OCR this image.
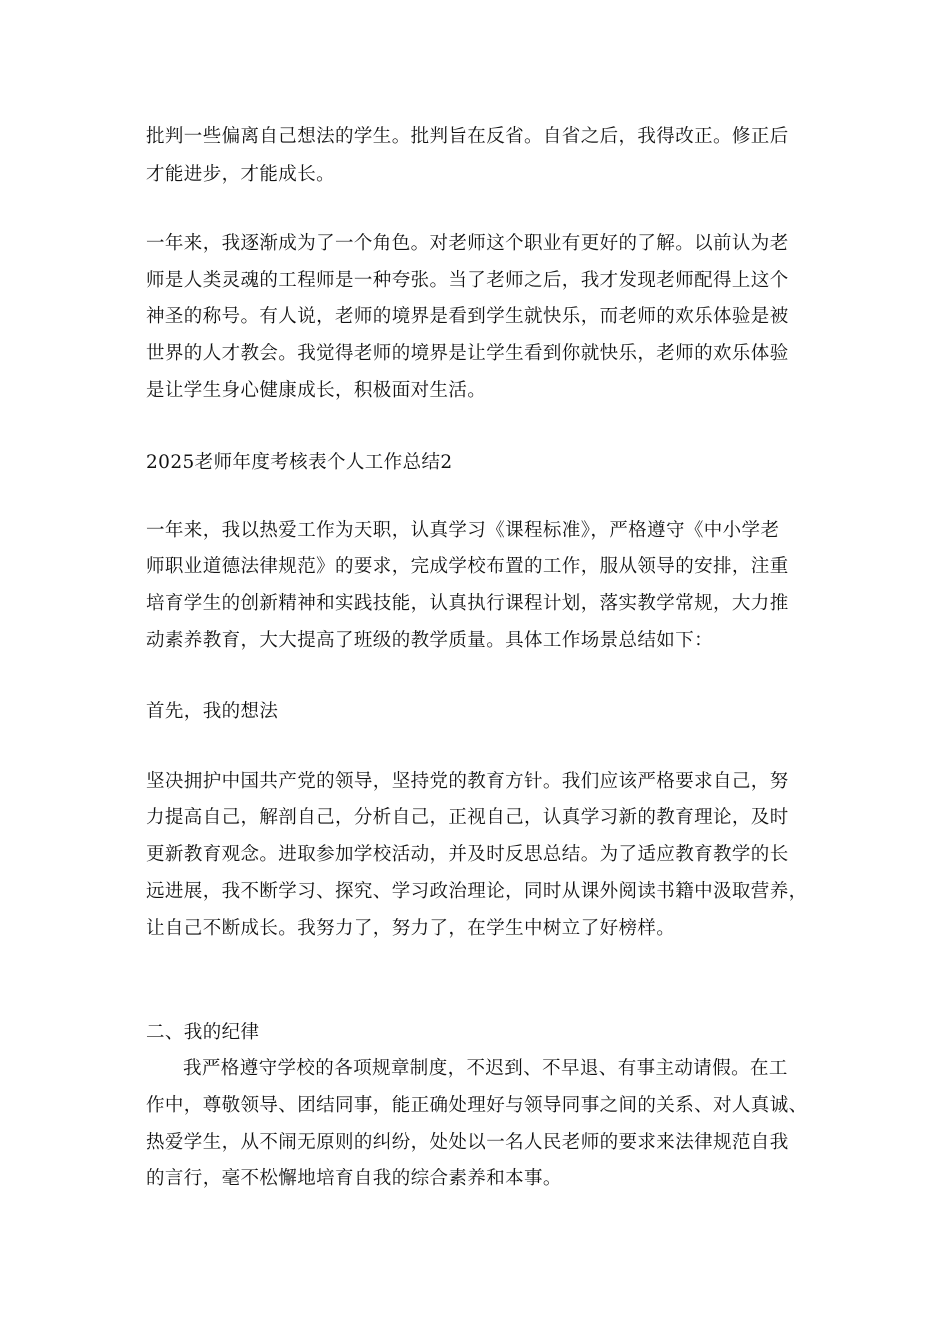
批判一些偏离自己想法的学生。批判旨在反省。自省之后，我得改正。修正后
才能进步，才能成长。
一年来，我逐渐成为了一个角色。对老师这个职业有更好的了解。以前认为老
师是人类灵魂的工程师是一种夸张。当了老师之后，我才发现老师配得上这个
神圣的称号。有人说，老师的境界是看到学生就快乐，而老师的欢乐体验是被
世界的人才教会。我觉得老师的境界是让学生看到你就快乐，老师的欢乐体验
是让学生身心健康成长，积极面对生活。
2025老师年度考核表个人工作总结2
一年来，我以热爱工作为天职，认真学习《课程标准》，严格遵守《中小学老
师职业道德法律规范》的要求，完成学校布置的工作，服从领导的安排，注重
培育学生的创新精神和实践技能，认真执行课程计划，落实教学常规，大力推
动素养教育，大大提高了班级的教学质量。具体工作场景总结如下：
首先，我的想法
坚决拥护中国共产党的领导，坚持党的教育方针。我们应该严格要求自己，努
力提高自己，解剖自己，分析自己，正视自己，认真学习新的教育理论，及时
更新教育观念。进取参加学校活动，并及时反思总结。为了适应教育教学的长
远进展，我不断学习、探究、学习政治理论，同时从课外阅读书籍中汲取营养，
让自己不断成长。我努力了，努力了，在学生中树立了好榜样。
二、我的纪律
我严格遵守学校的各项规章制度，不迟到、不早退、有事主动请假。在工
作中，尊敬领导、团结同事，能正确处理好与领导同事之间的关系、对人真诚、
热爱学生，从不闹无原则的纠纷，处处以一名人民老师的要求来法律规范自我
的言行，毫不松懈地培育自我的综合素养和本事。
